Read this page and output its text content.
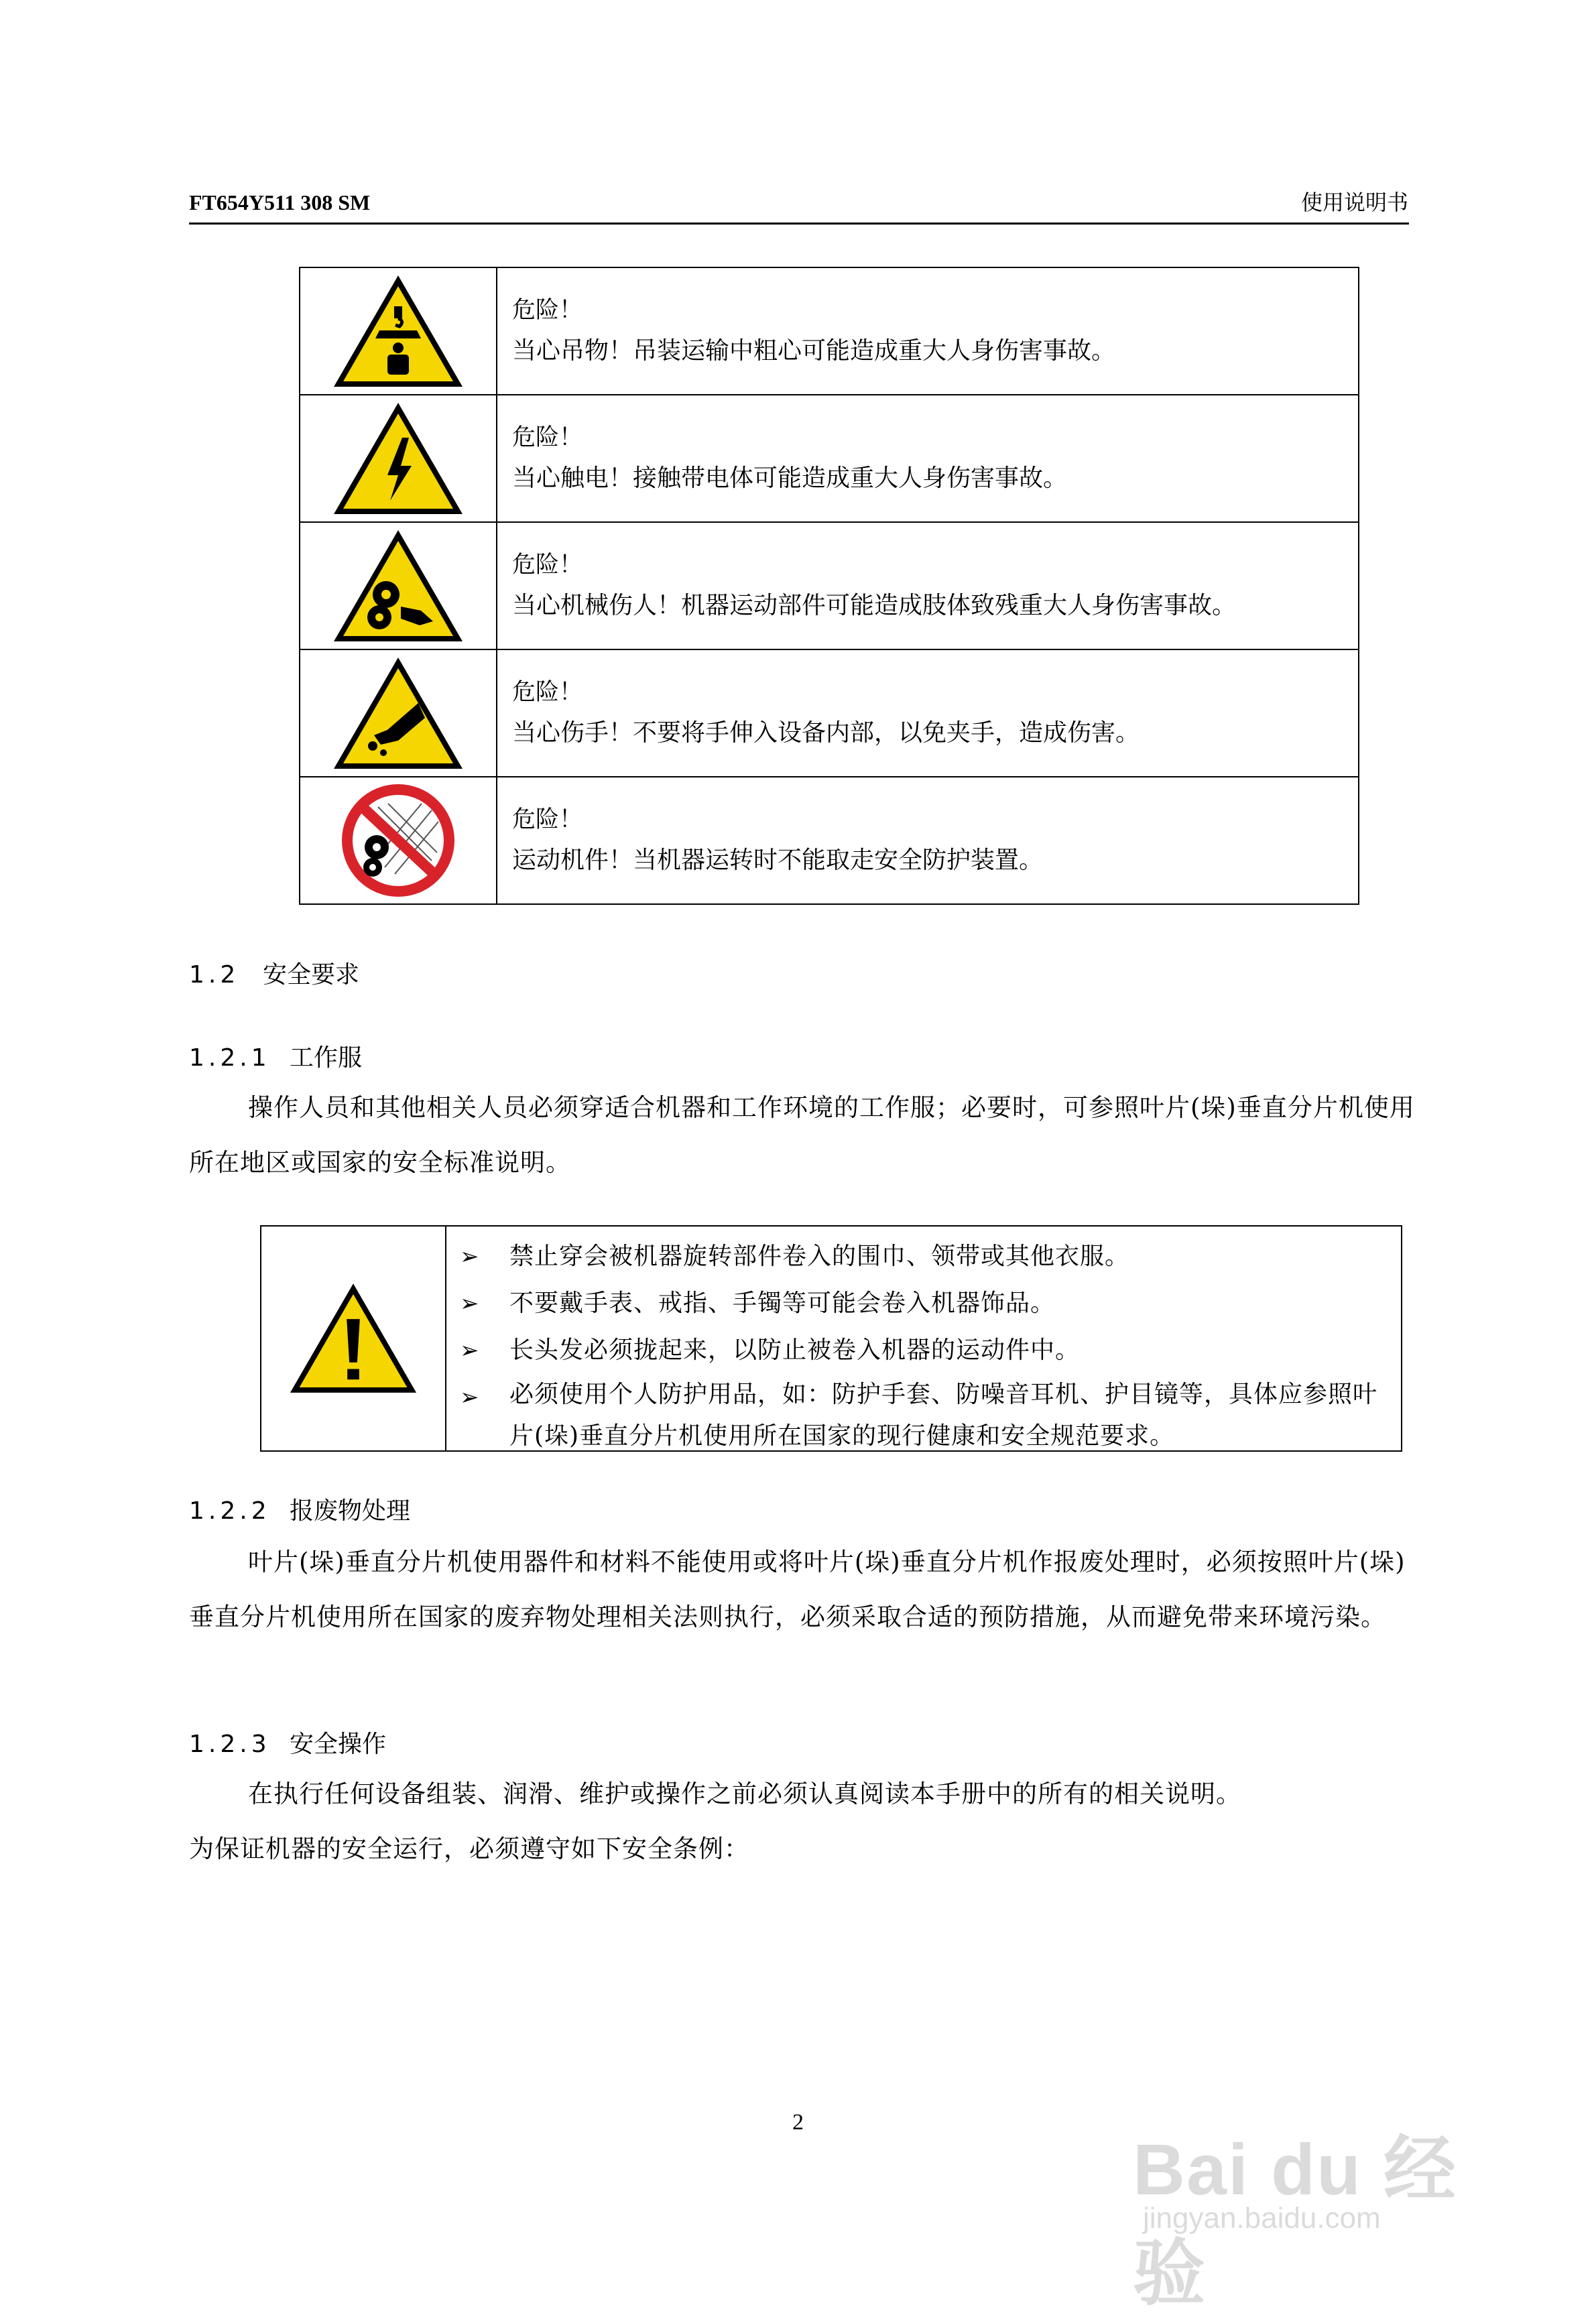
FT654Y511 308 SM	使用说明书

危险！
当心吊物！吊装运输中粗心可能造成重大人身伤害事故。

危险！
当心触电！接触带电体可能造成重大人身伤害事故。

危险！
当心机械伤人！机器运动部件可能造成肢体致残重大人身伤害事故。

危险！
当心伤手！不要将手伸入设备内部，以免夹手，造成伤害。

危险！
运动机件！当机器运转时不能取走安全防护装置。
1.2 安全要求
1.2.1 工作服
操作人员和其他相关人员必须穿适合机器和工作环境的工作服；必要时，可参照叶片(垛)垂直分片机使用所在地区或国家的安全标准说明。
➢	禁止穿会被机器旋转部件卷入的围巾、领带或其他衣服。
➢	不要戴手表、戒指、手镯等可能会卷入机器饰品。
➢	长头发必须拢起来，以防止被卷入机器的运动件中。
➢	必须使用个人防护用品，如：防护手套、防噪音耳机、护目镜等，具体应参照叶片(垛)垂直分片机使用所在国家的现行健康和安全规范要求。
1.2.2 报废物处理
叶片(垛)垂直分片机使用器件和材料不能使用或将叶片(垛)垂直分片机作报废处理时，必须按照叶片(垛)垂直分片机使用所在国家的废弃物处理相关法则执行，必须采取合适的预防措施，从而避免带来环境污染。
1.2.3 安全操作
在执行任何设备组装、润滑、维护或操作之前必须认真阅读本手册中的所有的相关说明。
为保证机器的安全运行，必须遵守如下安全条例：
2
Bai du 经验
jingyan.baidu.com
